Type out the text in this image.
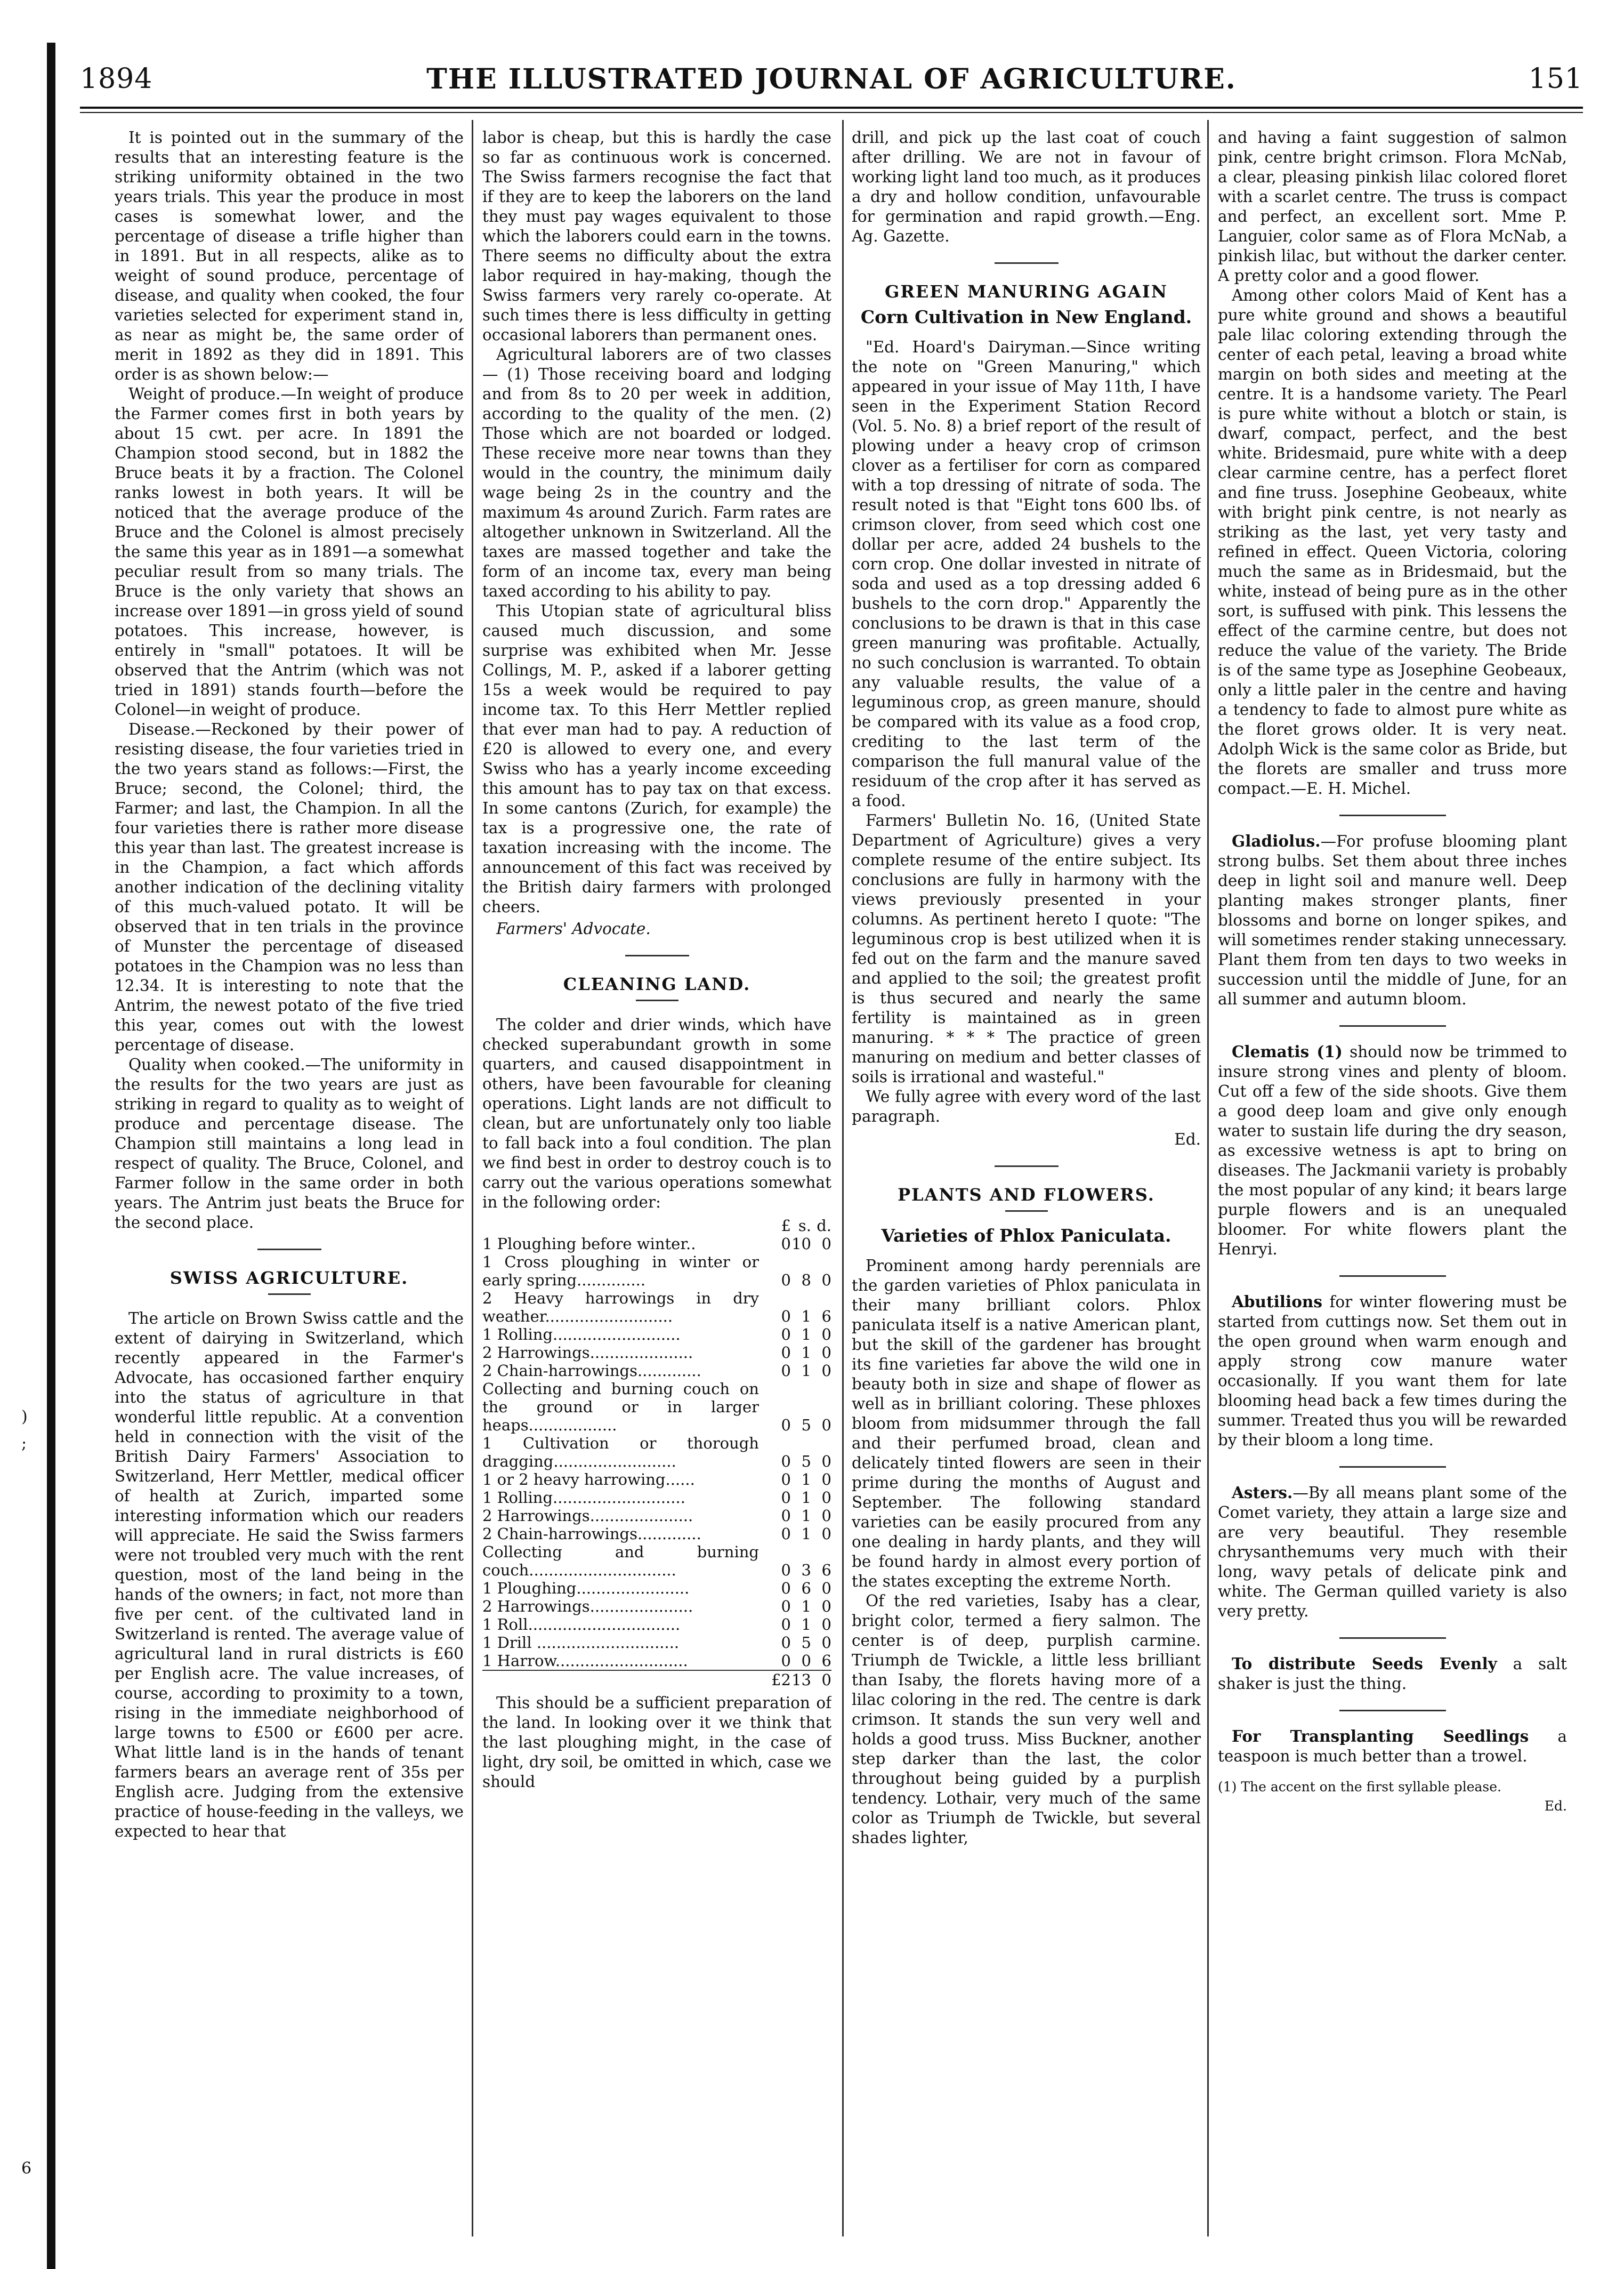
1894	THE ILLUSTRATED JOURNAL OF AGRICULTURE.	151
)
;
6

It is pointed out in the summary of the results that an interesting feature is the striking uniformity obtained in the two years trials. This year the produce in most cases is somewhat lower, and the percentage of disease a trifle higher than in 1891. But in all respects, alike as to weight of sound produce, percentage of disease, and quality when cooked, the four varieties selected for experiment stand in, as near as might be, the same order of merit in 1892 as they did in 1891. This order is as shown below:—

Weight of produce.—In weight of produce the Farmer comes first in both years by about 15 cwt. per acre. In 1891 the Champion stood second, but in 1882 the Bruce beats it by a fraction. The Colonel ranks lowest in both years. It will be noticed that the average produce of the Bruce and the Colonel is almost precisely the same this year as in 1891—a somewhat peculiar result from so many trials. The Bruce is the only variety that shows an increase over 1891—in gross yield of sound potatoes. This increase, however, is entirely in "small" potatoes. It will be observed that the Antrim (which was not tried in 1891) stands fourth—before the Colonel—in weight of produce.

Disease.—Reckoned by their power of resisting disease, the four varieties tried in the two years stand as follows:—First, the Bruce; second, the Colonel; third, the Farmer; and last, the Champion. In all the four varieties there is rather more disease this year than last. The greatest increase is in the Champion, a fact which affords another indication of the declining vitality of this much-valued potato. It will be observed that in ten trials in the province of Munster the percentage of diseased potatoes in the Champion was no less than 12.34. It is interesting to note that the Antrim, the newest potato of the five tried this year, comes out with the lowest percentage of disease.

Quality when cooked.—The uniformity in the results for the two years are just as striking in regard to quality as to weight of produce and percentage disease. The Champion still maintains a long lead in respect of quality. The Bruce, Colonel, and Farmer follow in the same order in both years. The Antrim just beats the Bruce for the second place.

SWISS AGRICULTURE.

The article on Brown Swiss cattle and the extent of dairying in Switzerland, which recently appeared in the Farmer's Advocate, has occasioned farther enquiry into the status of agriculture in that wonderful little republic. At a convention held in connection with the visit of the British Dairy Farmers' Association to Switzerland, Herr Mettler, medical officer of health at Zurich, imparted some interesting information which our readers will appreciate. He said the Swiss farmers were not troubled very much with the rent question, most of the land being in the hands of the owners; in fact, not more than five per cent. of the cultivated land in Switzerland is rented. The average value of agricultural land in rural districts is £60 per English acre. The value increases, of course, according to proximity to a town, rising in the immediate neighborhood of large towns to £500 or £600 per acre. What little land is in the hands of tenant farmers bears an average rent of 35s per English acre. Judging from the extensive practice of house-feeding in the valleys, we expected to hear that

labor is cheap, but this is hardly the case so far as continuous work is concerned. The Swiss farmers recognise the fact that if they are to keep the laborers on the land they must pay wages equivalent to those which the laborers could earn in the towns. There seems no difficulty about the extra labor required in hay-making, though the Swiss farmers very rarely co-operate. At such times there is less difficulty in getting occasional laborers than permanent ones.

Agricultural laborers are of two classes — (1) Those receiving board and lodging and from 8s to 20 per week in addition, according to the quality of the men. (2) Those which are not boarded or lodged. These receive more near towns than they would in the country, the minimum daily wage being 2s in the country and the maximum 4s around Zurich. Farm rates are altogether unknown in Switzerland. All the taxes are massed together and take the form of an income tax, every man being taxed according to his ability to pay.

This Utopian state of agricultural bliss caused much discussion, and some surprise was exhibited when Mr. Jesse Collings, M. P., asked if a laborer getting 15s a week would be required to pay income tax. To this Herr Mettler replied that ever man had to pay. A reduction of £20 is allowed to every one, and every Swiss who has a yearly income exceeding this amount has to pay tax on that excess. In some cantons (Zurich, for example) the tax is a progressive one, the rate of taxation increasing with the income. The announcement of this fact was received by the British dairy farmers with prolonged cheers.

Farmers' Advocate.

CLEANING LAND.

The colder and drier winds, which have checked superabundant growth in some quarters, and caused disappointment in others, have been favourable for cleaning operations. Light lands are not difficult to clean, but are unfortunately only too liable to fall back into a foul condition. The plan we find best in order to destroy couch is to carry out the various operations somewhat in the following order:

	£	s.	d.
1 Ploughing before winter..	0	10	0
1 Cross ploughing in winter or early spring..............	0	8	0
2 Heavy harrowings in dry weather..........................	0	1	6
1 Rolling..........................	0	1	0
2 Harrowings.....................	0	1	0
2 Chain-harrowings.............	0	1	0
Collecting and burning couch on the ground or in larger heaps..................	0	5	0
1 Cultivation or thorough dragging.........................	0	5	0
1 or 2 heavy harrowing......	0	1	0
1 Rolling...........................	0	1	0
2 Harrowings.....................	0	1	0
2 Chain-harrowings.............	0	1	0
Collecting and burning couch..............................	0	3	6
1 Ploughing.......................	0	6	0
2 Harrowings.....................	0	1	0
1 Roll...............................	0	1	0
1 Drill .............................	0	5	0
1 Harrow...........................	0	0	6
	£2	13	0

This should be a sufficient preparation of the land. In looking over it we think that the last ploughing might, in the case of light, dry soil, be omitted in which, case we should

drill, and pick up the last coat of couch after drilling. We are not in favour of working light land too much, as it produces a dry and hollow condition, unfavourable for germination and rapid growth.—Eng. Ag. Gazette.

GREEN MANURING AGAIN
Corn Cultivation in New England.

"Ed. Hoard's Dairyman.—Since writing the note on "Green Manuring," which appeared in your issue of May 11th, I have seen in the Experiment Station Record (Vol. 5. No. 8) a brief report of the result of plowing under a heavy crop of crimson clover as a fertiliser for corn as compared with a top dressing of nitrate of soda. The result noted is that "Eight tons 600 lbs. of crimson clover, from seed which cost one dollar per acre, added 24 bushels to the corn crop. One dollar invested in nitrate of soda and used as a top dressing added 6 bushels to the corn drop." Apparently the conclusions to be drawn is that in this case green manuring was profitable. Actually, no such conclusion is warranted. To obtain any valuable results, the value of a leguminous crop, as green manure, should be compared with its value as a food crop, crediting to the last term of the comparison the full manural value of the residuum of the crop after it has served as a food.

Farmers' Bulletin No. 16, (United State Department of Agriculture) gives a very complete resume of the entire subject. Its conclusions are fully in harmony with the views previously presented in your columns. As pertinent hereto I quote: "The leguminous crop is best utilized when it is fed out on the farm and the manure saved and applied to the soil; the greatest profit is thus secured and nearly the same fertility is maintained as in green manuring. * * * The practice of green manuring on medium and better classes of soils is irrational and wasteful."

We fully agree with every word of the last paragraph.

Ed.
PLANTS AND FLOWERS.
Varieties of Phlox Paniculata.

Prominent among hardy perennials are the garden varieties of Phlox paniculata in their many brilliant colors. Phlox paniculata itself is a native American plant, but the skill of the gardener has brought its fine varieties far above the wild one in beauty both in size and shape of flower as well as in brilliant coloring. These phloxes bloom from midsummer through the fall and their perfumed broad, clean and delicately tinted flowers are seen in their prime during the months of August and September. The following standard varieties can be easily procured from any one dealing in hardy plants, and they will be found hardy in almost every portion of the states excepting the extreme North.

Of the red varieties, Isaby has a clear, bright color, termed a fiery salmon. The center is of deep, purplish carmine. Triumph de Twickle, a little less brilliant than Isaby, the florets having more of a lilac coloring in the red. The centre is dark crimson. It stands the sun very well and holds a good truss. Miss Buckner, another step darker than the last, the color throughout being guided by a purplish tendency. Lothair, very much of the same color as Triumph de Twickle, but several shades lighter,

and having a faint suggestion of salmon pink, centre bright crimson. Flora McNab, a clear, pleasing pinkish lilac colored floret with a scarlet centre. The truss is compact and perfect, an excellent sort. Mme P. Languier, color same as of Flora McNab, a pinkish lilac, but without the darker center. A pretty color and a good flower.

Among other colors Maid of Kent has a pure white ground and shows a beautiful pale lilac coloring extending through the center of each petal, leaving a broad white margin on both sides and meeting at the centre. It is a handsome variety. The Pearl is pure white without a blotch or stain, is dwarf, compact, perfect, and the best white. Bridesmaid, pure white with a deep clear carmine centre, has a perfect floret and fine truss. Josephine Geobeaux, white with bright pink centre, is not nearly as striking as the last, yet very tasty and refined in effect. Queen Victoria, coloring much the same as in Bridesmaid, but the white, instead of being pure as in the other sort, is suffused with pink. This lessens the effect of the carmine centre, but does not reduce the value of the variety. The Bride is of the same type as Josephine Geobeaux, only a little paler in the centre and having a tendency to fade to almost pure white as the floret grows older. It is very neat. Adolph Wick is the same color as Bride, but the florets are smaller and truss more compact.—E. H. Michel.

Gladiolus.—For profuse blooming plant strong bulbs. Set them about three inches deep in light soil and manure well. Deep planting makes stronger plants, finer blossoms and borne on longer spikes, and will sometimes render staking unnecessary. Plant them from ten days to two weeks in succession until the middle of June, for an all summer and autumn bloom.

Clematis (1) should now be trimmed to insure strong vines and plenty of bloom. Cut off a few of the side shoots. Give them a good deep loam and give only enough water to sustain life during the dry season, as excessive wetness is apt to bring on diseases. The Jackmanii variety is probably the most popular of any kind; it bears large purple flowers and is an unequaled bloomer. For white flowers plant the Henryi.

Abutilions for winter flowering must be started from cuttings now. Set them out in the open ground when warm enough and apply strong cow manure water occasionally. If you want them for late blooming head back a few times during the summer. Treated thus you will be rewarded by their bloom a long time.

Asters.—By all means plant some of the Comet variety, they attain a large size and are very beautiful. They resemble chrysanthemums very much with their long, wavy petals of delicate pink and white. The German quilled variety is also very pretty.

To distribute Seeds Evenly a salt shaker is just the thing.

For Transplanting Seedlings a teaspoon is much better than a trowel.

(1) The accent on the first syllable please.
Ed.
